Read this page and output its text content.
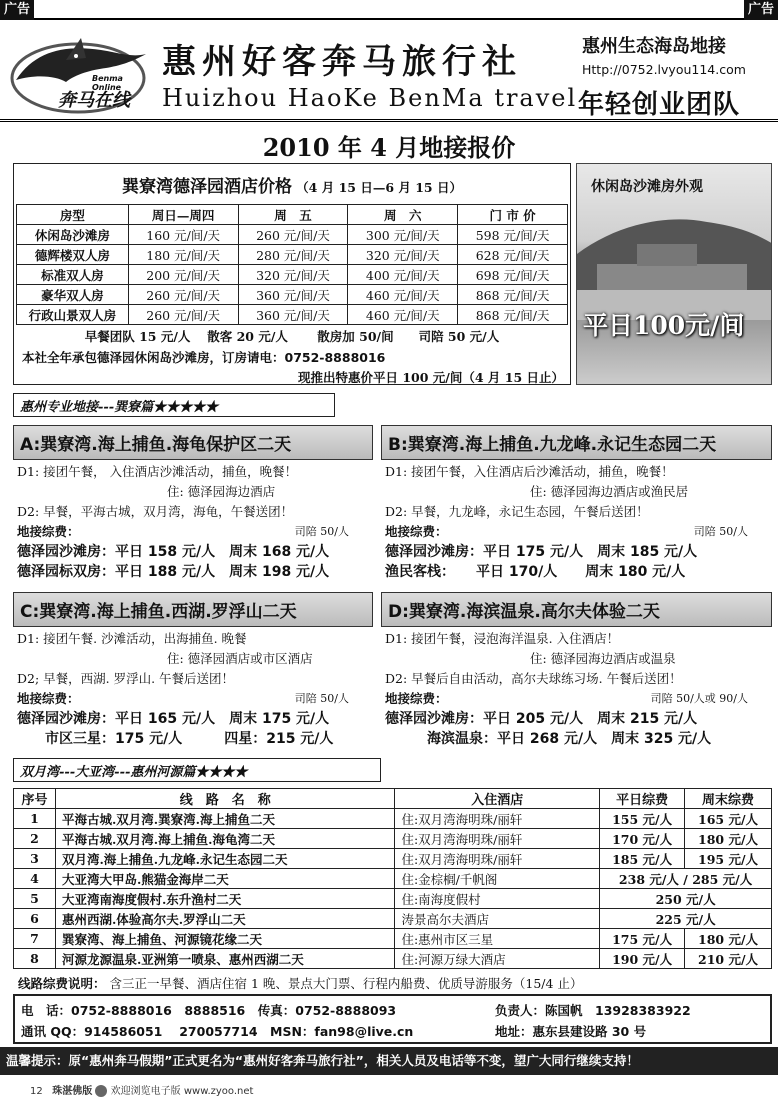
广告	广告
Benma Online
奔马在线
惠州好客奔马旅行社
Huizhou HaoKe BenMa travel
惠州生态海岛地接
Http://0752.lvyou114.com
年轻创业团队
2010 年 4 月地接报价
巽寮湾德泽园酒店价格 （4 月 15 日—6 月 15 日）
房型	周日—周四	周　五	周　六	门 市 价
休闲岛沙滩房	160 元/间/天	260 元/间/天	300 元/间/天	598 元/间/天
德辉楼双人房	180 元/间/天	280 元/间/天	320 元/间/天	628 元/间/天
标准双人房	200 元/间/天	320 元/间/天	400 元/间/天	698 元/间/天
豪华双人房	260 元/间/天	360 元/间/天	460 元/间/天	868 元/间/天
行政山景双人房	260 元/间/天	360 元/间/天	460 元/间/天	868 元/间/天
早餐团队 15 元/人　 散客 20 元/人　　 散房加 50/间　　司陪 50 元/人
本社全年承包德泽园休闲岛沙滩房，订房请电：0752-8888016
现推出特惠价平日 100 元/间（4 月 15 日止）
休闲岛沙滩房外观
平日100元/间
惠州专业地接---巽寮篇★★★★★
A:巽寮湾.海上捕鱼.海龟保护区二天
D1: 接团午餐， 入住酒店沙滩活动，捕鱼，晚餐！
住: 德泽园海边酒店
D2: 早餐，平海古城，双月湾，海龟，午餐送团！
地接综费：	司陪 50/人
德泽园沙滩房：平日 158 元/人　周末 168 元/人
德泽园标双房：平日 188 元/人　周末 198 元/人
B:巽寮湾.海上捕鱼.九龙峰.永记生态园二天
D1: 接团午餐，入住酒店后沙滩活动，捕鱼，晚餐！
住: 德泽园海边酒店或渔民居
D2: 早餐，九龙峰，永记生态园，午餐后送团！
地接综费：	司陪 50/人
德泽园沙滩房：平日 175 元/人　周末 185 元/人
渔民客栈：　　平日 170/人　　周末 180 元/人
C:巽寮湾.海上捕鱼.西湖.罗浮山二天
D1: 接团午餐. 沙滩活动，出海捕鱼. 晚餐
住: 德泽园酒店或市区酒店
D2; 早餐，西湖. 罗浮山. 午餐后送团！
地接综费：	司陪 50/人
德泽园沙滩房：平日 165 元/人　周末 175 元/人
　　市区三星：175 元/人　　　四星：215 元/人
D:巽寮湾.海滨温泉.高尔夫体验二天
D1: 接团午餐，浸泡海洋温泉. 入住酒店！
住: 德泽园海边酒店或温泉
D2: 早餐后自由活动，高尔夫球练习场. 午餐后送团！
地接综费：	司陪 50/人或 90/人
德泽园沙滩房：平日 205 元/人　周末 215 元/人
　　　海滨温泉：平日 268 元/人　周末 325 元/人
双月湾---大亚湾---惠州河源篇★★★★
序号	线　路　名　称	入住酒店	平日综费	周末综费
1	平海古城.双月湾.巽寮湾.海上捕鱼二天	住:双月湾海明珠/丽轩	155 元/人	165 元/人
2	平海古城.双月湾.海上捕鱼.海龟湾二天	住:双月湾海明珠/丽轩	170 元/人	180 元/人
3	双月湾.海上捕鱼.九龙峰.永记生态园二天	住:双月湾海明珠/丽轩	185 元/人	195 元/人
4	大亚湾大甲岛.熊猫金海岸二天	住:金棕榈/千帆阁	238 元/人 / 285 元/人	
5	大亚湾南海度假村.东升渔村二天	住:南海度假村	250 元/人	
6	惠州西湖.体验高尔夫.罗浮山二天	涛景高尔夫酒店	225 元/人	
7	巽寮湾、海上捕鱼、河源镜花缘二天	住:惠州市区三星	175 元/人	180 元/人
8	河源龙源温泉.亚洲第一喷泉、惠州西湖二天	住:河源万绿大酒店	190 元/人	210 元/人
线路综费说明： 含三正一早餐、酒店住宿 1 晚、景点大门票、行程内船费、优质导游服务（15/4 止）
电　话：0752-8888016　8888516　传真：0752-8888093	负责人：陈国帆　13928383922
通讯 QQ：914586051　 270057714　MSN：fan98@live.cn	地址：惠东县建设路 30 号
温馨提示：原“惠州奔马假期”正式更名为“惠州好客奔马旅行社”，相关人员及电话等不变，望广大同行继续支持！
12 珠湛佛版 欢迎浏览电子版 www.zyoo.net
